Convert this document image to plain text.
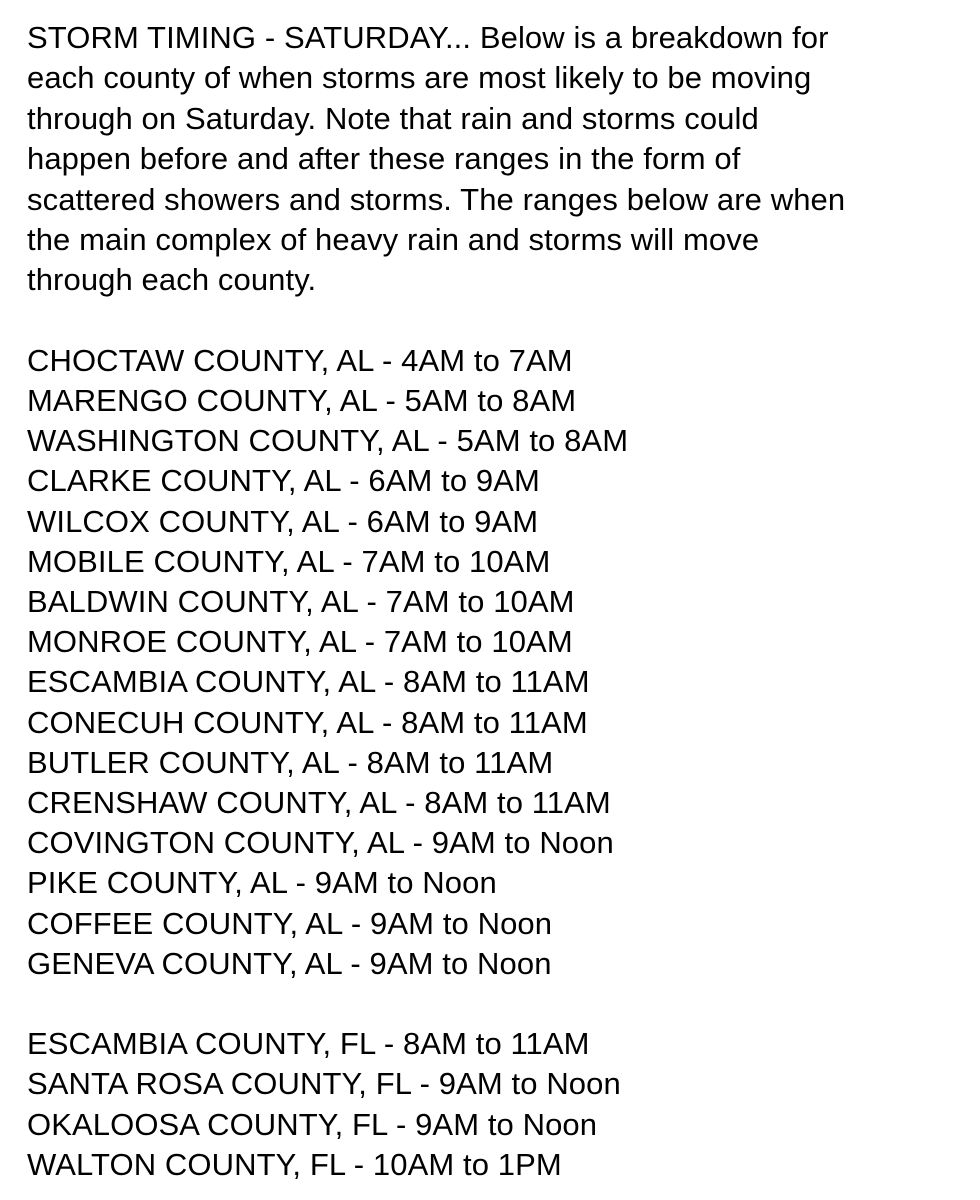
STORM TIMING - SATURDAY... Below is a breakdown for
each county of when storms are most likely to be moving
through on Saturday. Note that rain and storms could
happen before and after these ranges in the form of
scattered showers and storms. The ranges below are when
the main complex of heavy rain and storms will move
through each county.

CHOCTAW COUNTY, AL - 4AM to 7AM
MARENGO COUNTY, AL - 5AM to 8AM
WASHINGTON COUNTY, AL - 5AM to 8AM
CLARKE COUNTY, AL - 6AM to 9AM
WILCOX COUNTY, AL - 6AM to 9AM
MOBILE COUNTY, AL - 7AM to 10AM
BALDWIN COUNTY, AL - 7AM to 10AM
MONROE COUNTY, AL - 7AM to 10AM
ESCAMBIA COUNTY, AL - 8AM to 11AM
CONECUH COUNTY, AL - 8AM to 11AM
BUTLER COUNTY, AL - 8AM to 11AM
CRENSHAW COUNTY, AL - 8AM to 11AM
COVINGTON COUNTY, AL - 9AM to Noon
PIKE COUNTY, AL - 9AM to Noon
COFFEE COUNTY, AL - 9AM to Noon
GENEVA COUNTY, AL - 9AM to Noon
ESCAMBIA COUNTY, FL - 8AM to 11AM
SANTA ROSA COUNTY, FL - 9AM to Noon
OKALOOSA COUNTY, FL - 9AM to Noon
WALTON COUNTY, FL - 10AM to 1PM
